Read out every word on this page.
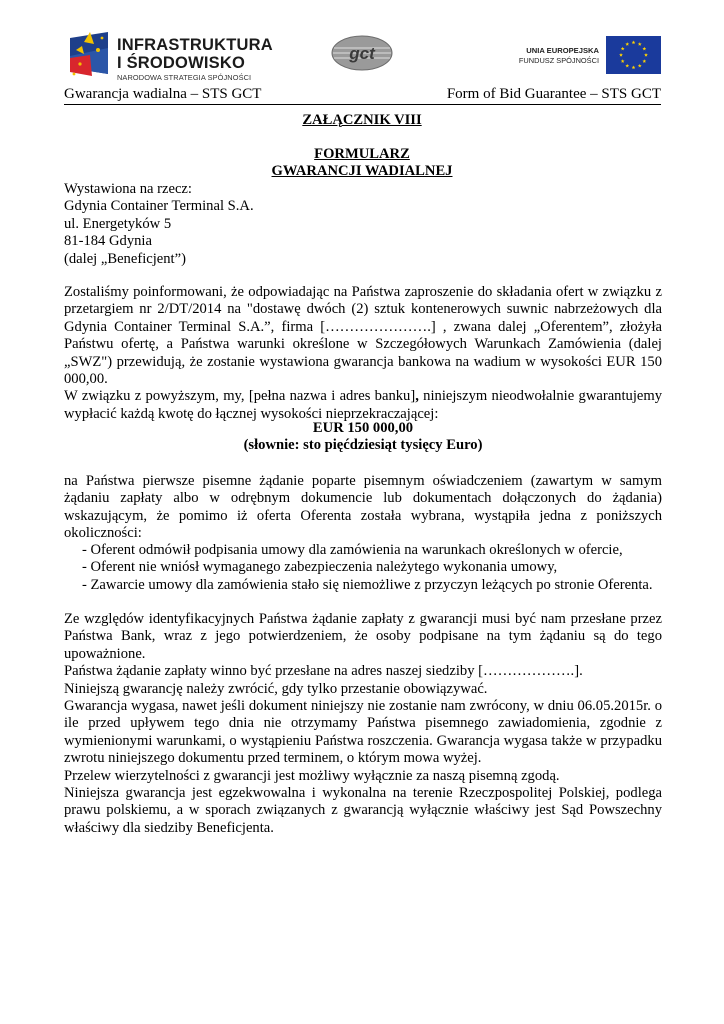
INFRASTRUKTURA
I ŚRODOWISKO
NARODOWA STRATEGIA SPÓJNOŚCI
gct	UNIA EUROPEJSKA
FUNDUSZ SPÓJNOŚCI
Gwarancja wadialna – STS GCT	Form of Bid Guarantee – STS GCT
ZAŁĄCZNIK VIII
FORMULARZ
GWARANCJI WADIALNEJ
Wystawiona na rzecz:
Gdynia Container Terminal S.A.
ul. Energetyków 5
81-184 Gdynia
(dalej „Beneficjent”)
Zostaliśmy poinformowani, że odpowiadając na Państwa zaproszenie do składania ofert w związku z przetargiem nr 2/DT/2014 na "dostawę dwóch (2) sztuk kontenerowych suwnic nabrzeżowych dla Gdynia Container Terminal S.A.”, firma [………………….] , zwana dalej „Oferentem”, złożyła Państwu ofertę, a Państwa warunki określone w Szczegółowych Warunkach Zamówienia (dalej „SWZ") przewidują, że zostanie wystawiona gwarancja bankowa na wadium w wysokości EUR 150 000,00.
W związku z powyższym, my, [pełna nazwa i adres banku], niniejszym nieodwołalnie gwarantujemy wypłacić każdą kwotę do łącznej wysokości nieprzekraczającej:
EUR 150 000,00
(słownie: sto pięćdziesiąt tysięcy Euro)
na Państwa pierwsze pisemne żądanie poparte pisemnym oświadczeniem (zawartym w samym żądaniu zapłaty albo w odrębnym dokumencie lub dokumentach dołączonych do żądania) wskazującym, że pomimo iż oferta Oferenta została wybrana, wystąpiła jedna z poniższych okoliczności:
- Oferent odmówił podpisania umowy dla zamówienia na warunkach określonych w ofercie,
- Oferent nie wniósł wymaganego zabezpieczenia należytego wykonania umowy,
- Zawarcie umowy dla zamówienia stało się niemożliwe z przyczyn leżących po stronie Oferenta.
Ze względów identyfikacyjnych Państwa żądanie zapłaty z gwarancji musi być nam przesłane przez Państwa Bank, wraz z jego potwierdzeniem, że osoby podpisane na tym żądaniu są do tego upoważnione.
Państwa żądanie zapłaty winno być przesłane na adres naszej siedziby [……………….].
Niniejszą gwarancję należy zwrócić, gdy tylko przestanie obowiązywać.
Gwarancja wygasa, nawet jeśli dokument niniejszy nie zostanie nam zwrócony, w dniu 06.05.2015r. o ile przed upływem tego dnia nie otrzymamy Państwa pisemnego zawiadomienia, zgodnie z wymienionymi warunkami, o wystąpieniu Państwa roszczenia. Gwarancja wygasa także w przypadku zwrotu niniejszego dokumentu przed terminem, o którym mowa wyżej.
Przelew wierzytelności z gwarancji jest możliwy wyłącznie za naszą pisemną zgodą.
Niniejsza gwarancja jest egzekwowalna i wykonalna na terenie Rzeczpospolitej Polskiej, podlega prawu polskiemu, a w sporach związanych z gwarancją wyłącznie właściwy jest Sąd Powszechny właściwy dla siedziby Beneficjenta.
